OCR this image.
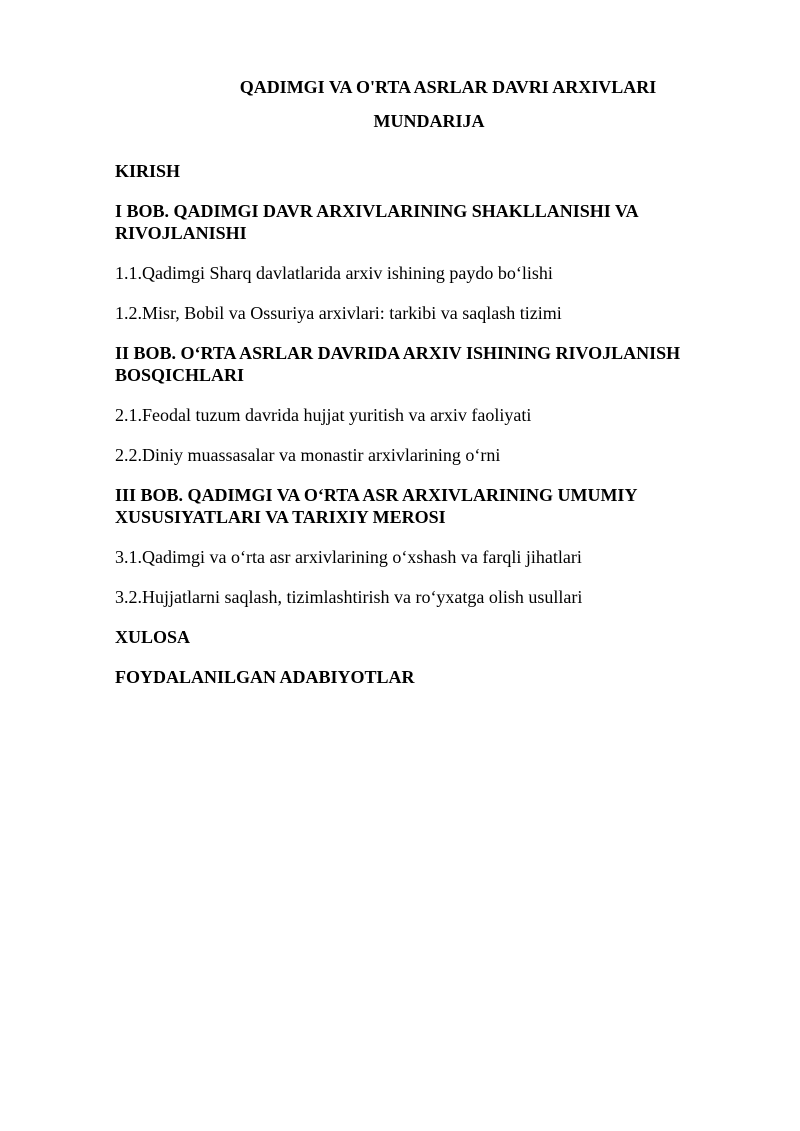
QADIMGI VA O'RTA ASRLAR DAVRI ARXIVLARI
MUNDARIJA
KIRISH
I BOB. QADIMGI DAVR ARXIVLARINING SHAKLLANISHI VA RIVOJLANISHI
1.1.Qadimgi Sharq davlatlarida arxiv ishining paydo boʻlishi
1.2.Misr, Bobil va Ossuriya arxivlari: tarkibi va saqlash tizimi
II BOB. OʻRTA ASRLAR DAVRIDA ARXIV ISHINING RIVOJLANISH BOSQICHLARI
2.1.Feodal tuzum davrida hujjat yuritish va arxiv faoliyati
2.2.Diniy muassasalar va monastir arxivlarining oʻrni
III BOB. QADIMGI VA OʻRTA ASR ARXIVLARINING UMUMIY XUSUSIYATLARI VA TARIXIY MEROSI
3.1.Qadimgi va oʻrta asr arxivlarining oʻxshash va farqli jihatlari
3.2.Hujjatlarni saqlash, tizimlashtirish va roʻyxatga olish usullari
XULOSA
FOYDALANILGAN ADABIYOTLAR
